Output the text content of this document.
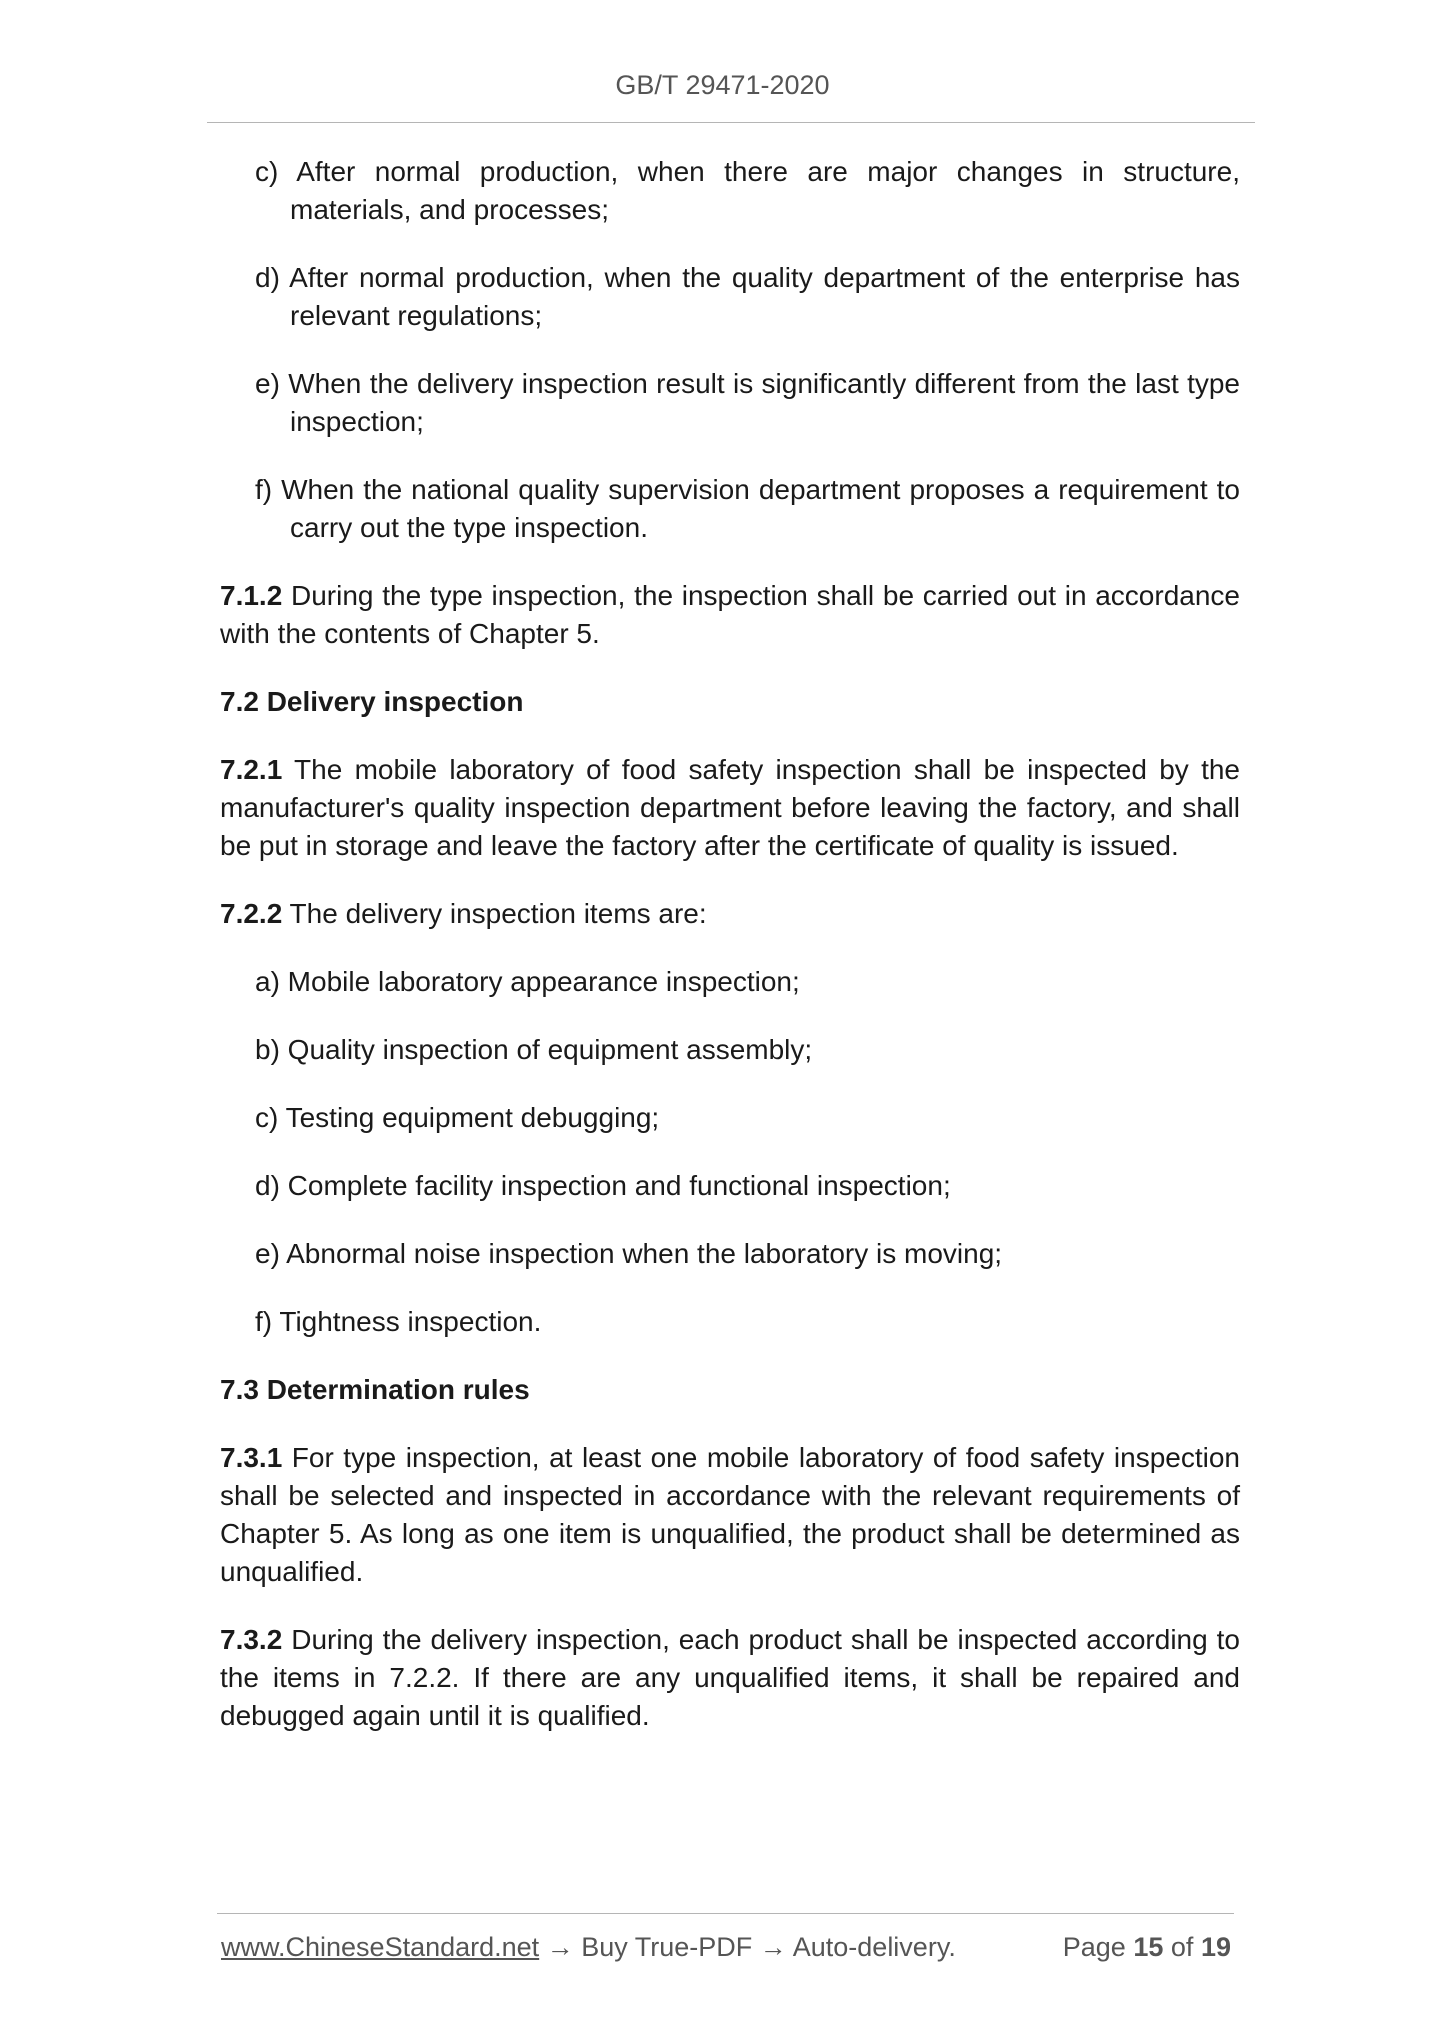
GB/T 29471-2020

c) After normal production, when there are major changes in structure, materials, and processes;

d) After normal production, when the quality department of the enterprise has relevant regulations;

e) When the delivery inspection result is significantly different from the last type inspection;

f) When the national quality supervision department proposes a requirement to carry out the type inspection.

7.1.2 During the type inspection, the inspection shall be carried out in accordance with the contents of Chapter 5.

7.2 Delivery inspection

7.2.1 The mobile laboratory of food safety inspection shall be inspected by the manufacturer's quality inspection department before leaving the factory, and shall be put in storage and leave the factory after the certificate of quality is issued.

7.2.2 The delivery inspection items are:

a) Mobile laboratory appearance inspection;

b) Quality inspection of equipment assembly;

c) Testing equipment debugging;

d) Complete facility inspection and functional inspection;

e) Abnormal noise inspection when the laboratory is moving;

f) Tightness inspection.

7.3 Determination rules

7.3.1 For type inspection, at least one mobile laboratory of food safety inspection shall be selected and inspected in accordance with the relevant requirements of Chapter 5. As long as one item is unqualified, the product shall be determined as unqualified.

7.3.2 During the delivery inspection, each product shall be inspected according to the items in 7.2.2. If there are any unqualified items, it shall be repaired and debugged again until it is qualified.

www.ChineseStandard.net → Buy True-PDF → Auto-delivery.	Page 15 of 19
